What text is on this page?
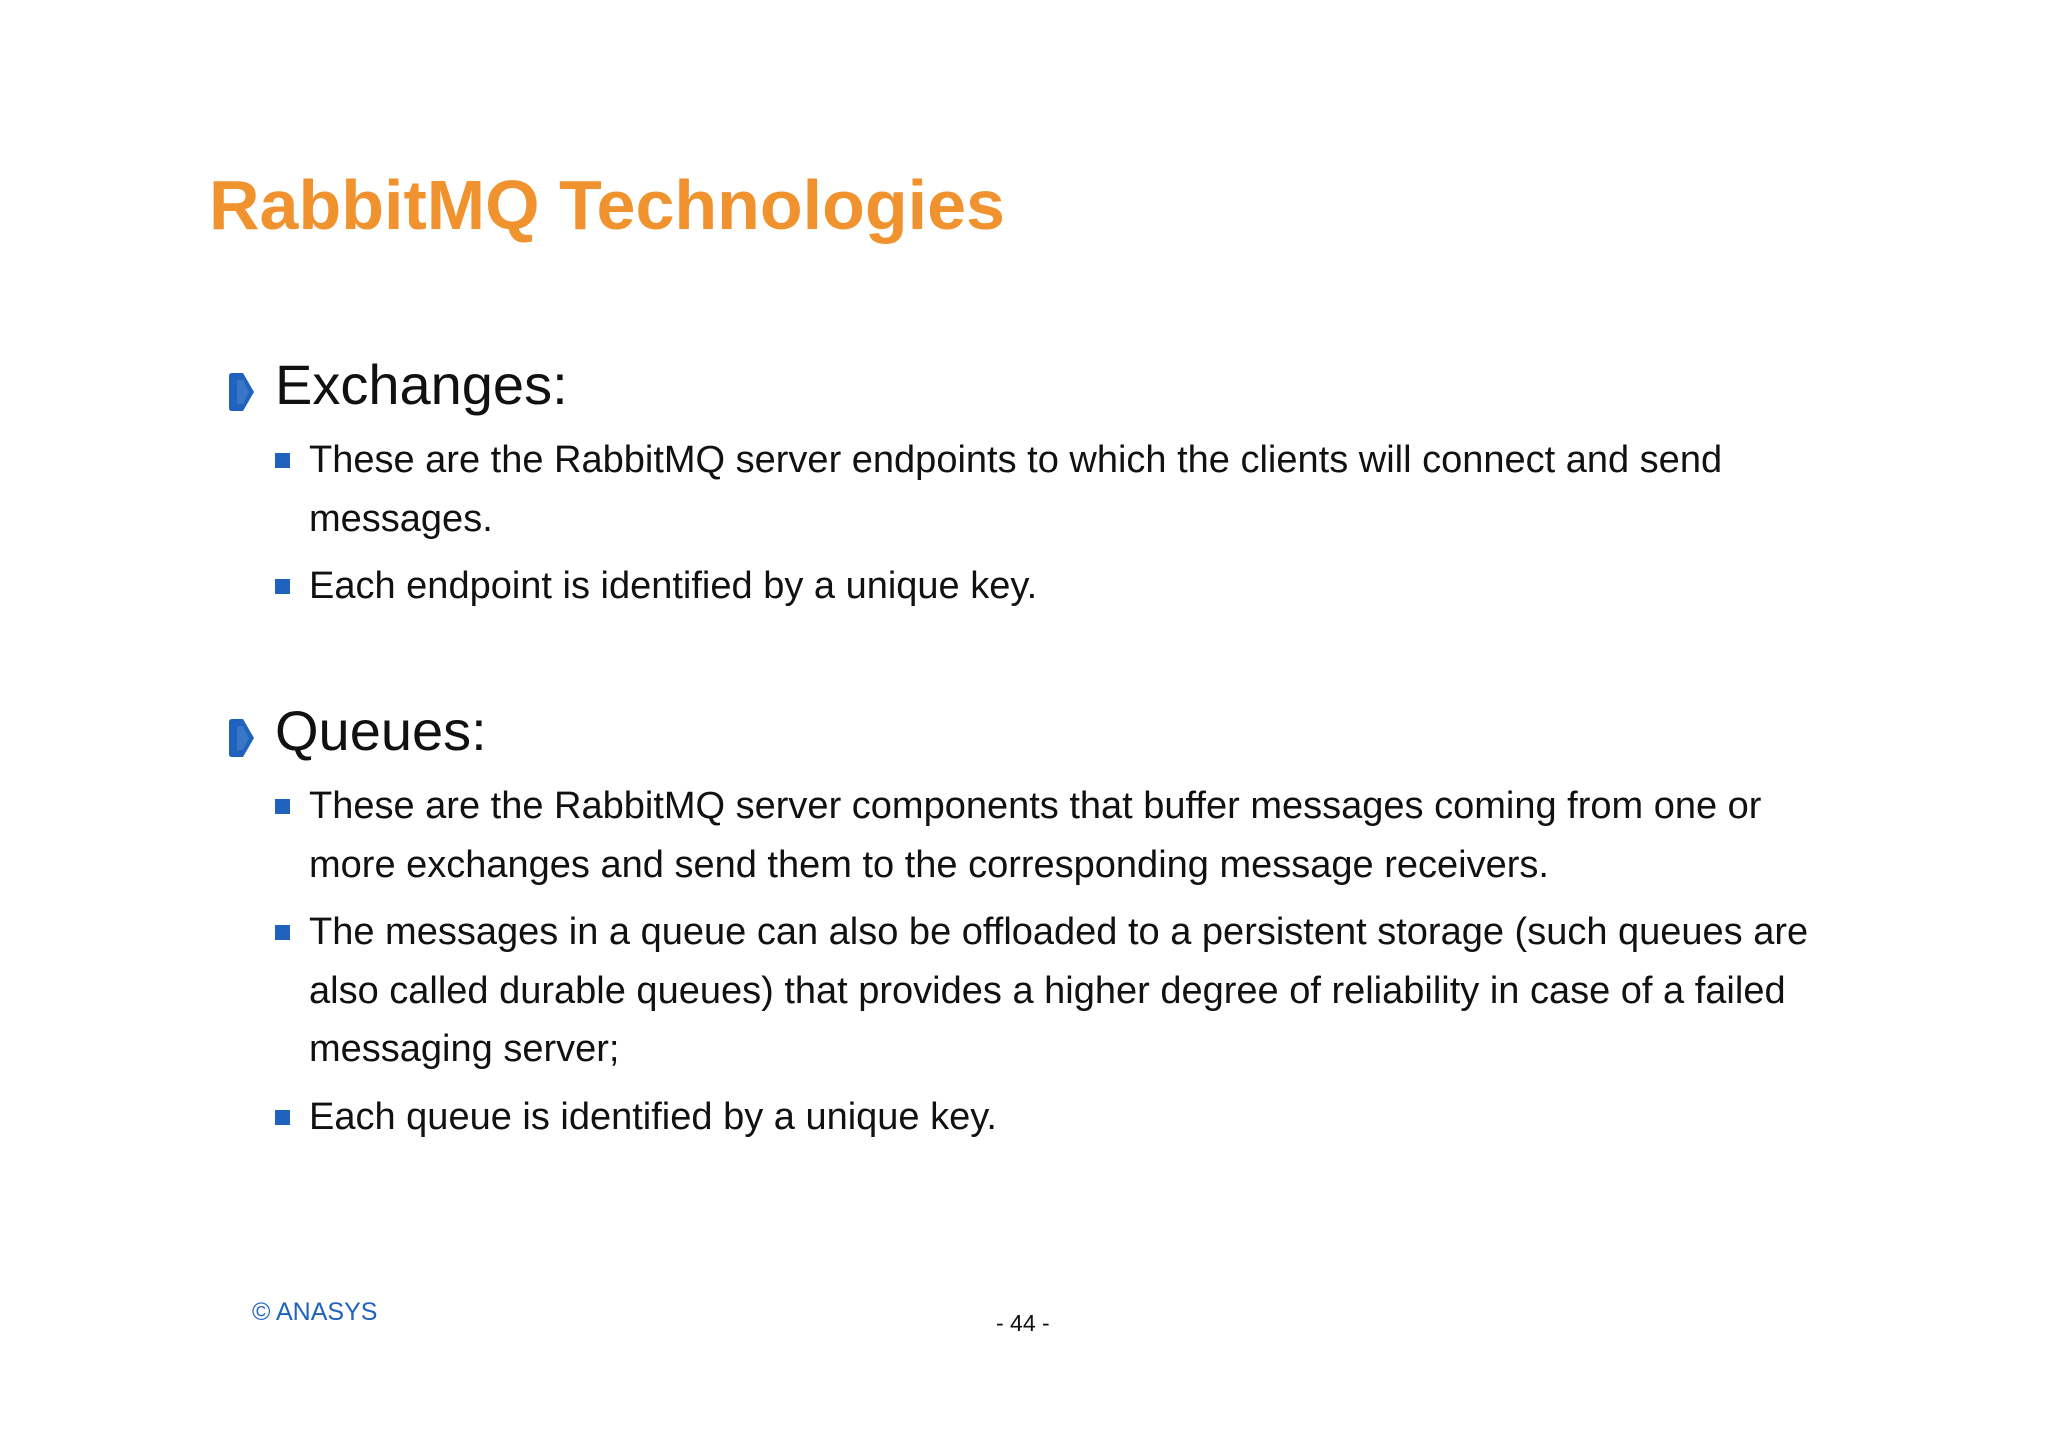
RabbitMQ Technologies
Exchanges:
These are the RabbitMQ server endpoints to which the clients will connect and send messages.
Each endpoint is identified by a unique key.
Queues:
These are the RabbitMQ server components that buffer messages coming from one or more exchanges and send them to the corresponding message receivers.
The messages in a queue can also be offloaded to a persistent storage (such queues are also called durable queues) that provides a higher degree of reliability in case of a failed messaging server;
Each queue is identified by a unique key.
© ANASYS	- 44 -
